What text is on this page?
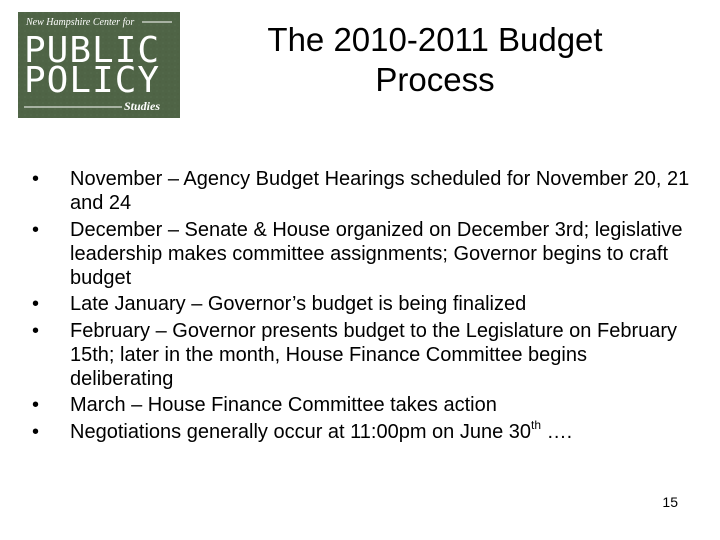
New Hampshire Center for
PUBLIC
POLICY
Studies
The 2010-2011 Budget
Process
•
November – Agency Budget Hearings scheduled for November 20, 21 and 24
•
December – Senate & House organized on December 3rd; legislative leadership makes committee assignments; Governor begins to craft budget
•
Late January – Governor’s budget is being finalized
•
February – Governor presents budget to the Legislature on February 15th; later in the month, House Finance Committee begins deliberating
•
March – House Finance Committee takes action
•
Negotiations generally occur at 11:00pm on June 30th ….
15
